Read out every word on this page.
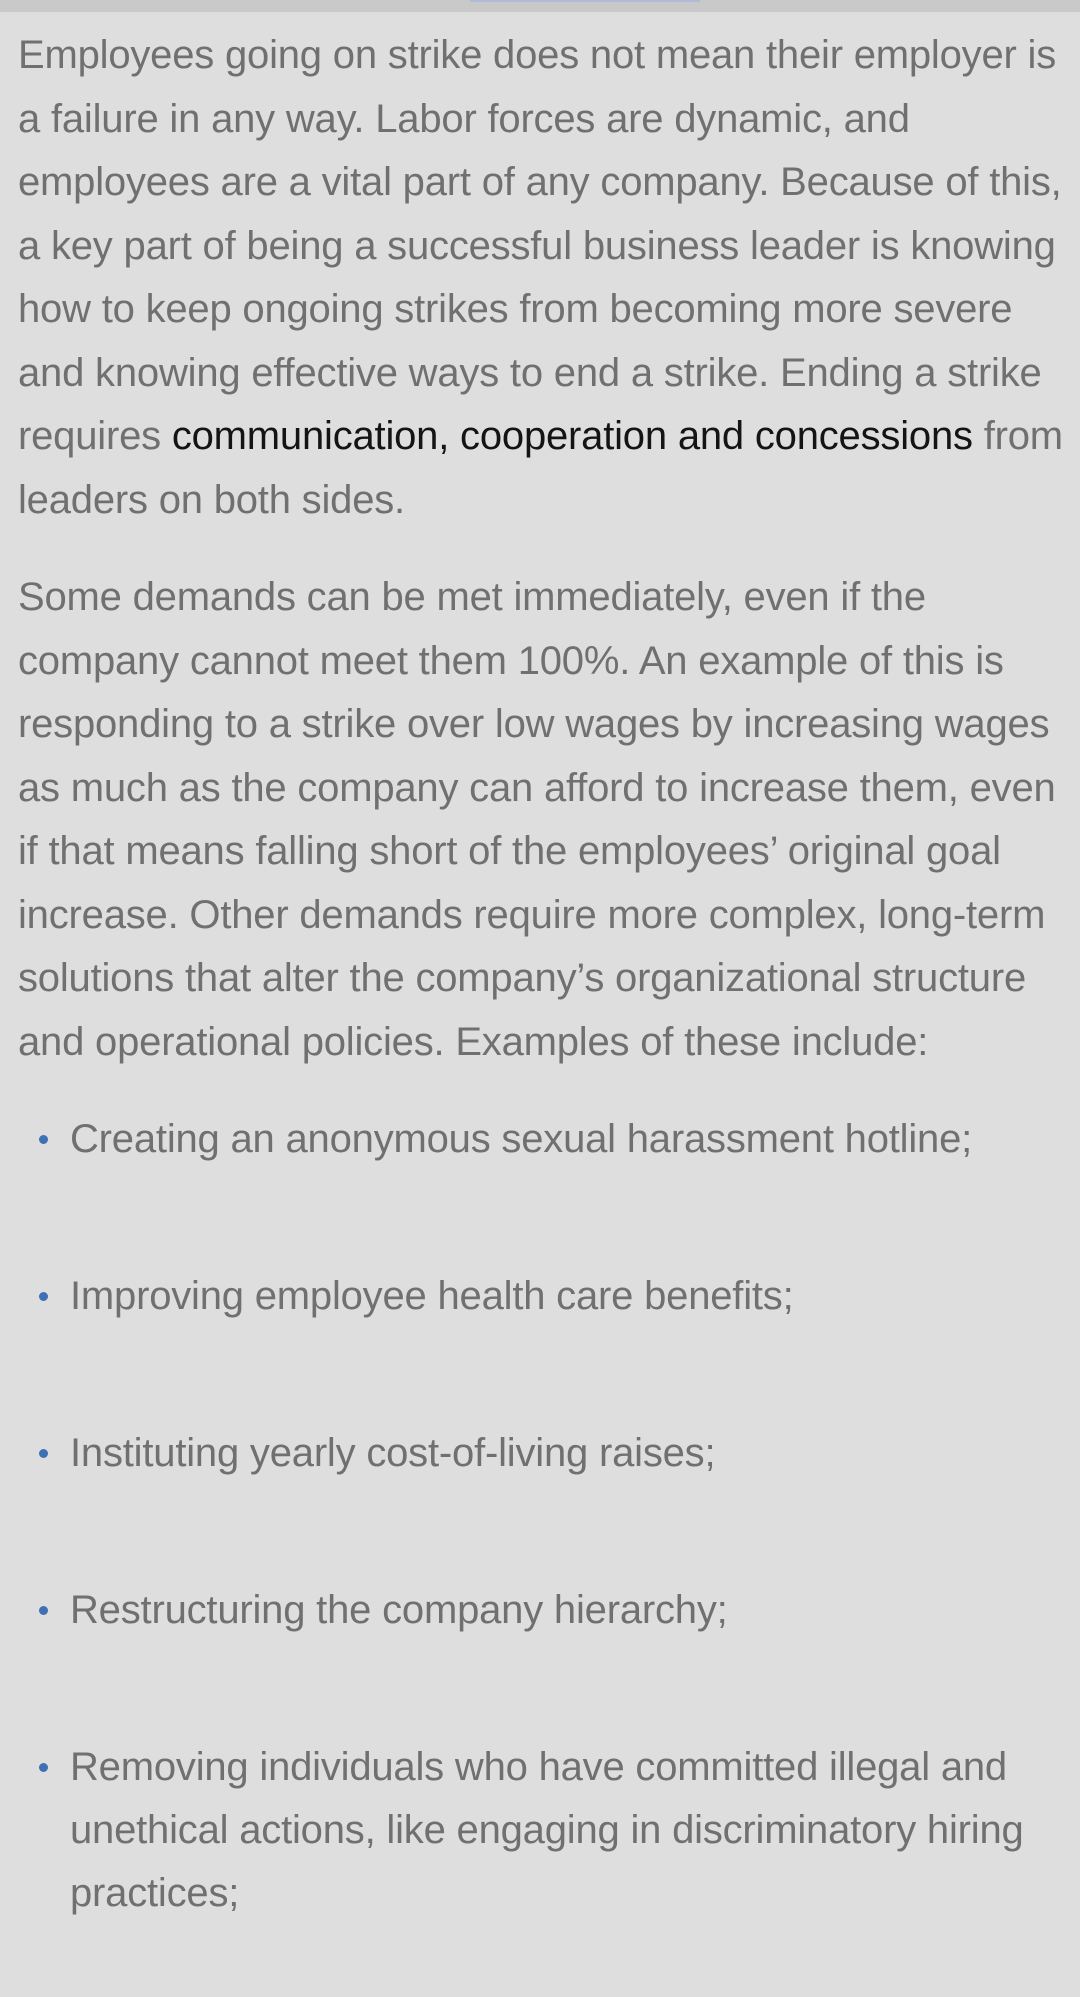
Employees going on strike does not mean their employer is a failure in any way. Labor forces are dynamic, and employees are a vital part of any company. Because of this, a key part of being a successful business leader is knowing how to keep ongoing strikes from becoming more severe and knowing effective ways to end a strike. Ending a strike requires communication, cooperation and concessions from leaders on both sides.

Some demands can be met immediately, even if the company cannot meet them 100%. An example of this is responding to a strike over low wages by increasing wages as much as the company can afford to increase them, even if that means falling short of the employees’ original goal increase. Other demands require more complex, long-term solutions that alter the company’s organizational structure and operational policies. Examples of these include:

Creating an anonymous sexual harassment hotline;
Improving employee health care benefits;
Instituting yearly cost-of-living raises;
Restructuring the company hierarchy;
Removing individuals who have committed illegal and unethical actions, like engaging in discriminatory hiring practices;
